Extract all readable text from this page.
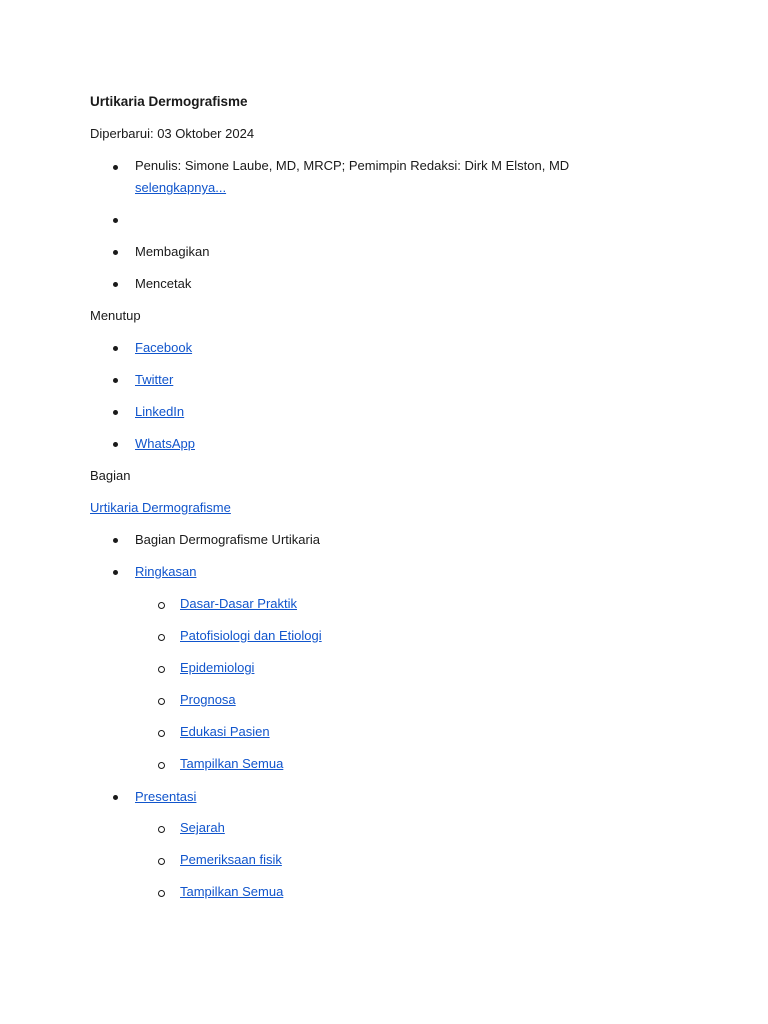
Urtikaria Dermografisme
Diperbarui: 03 Oktober 2024
Penulis: Simone Laube, MD, MRCP; Pemimpin Redaksi: Dirk M Elston, MD
selengkapnya...
Membagikan
Mencetak
Menutup
Facebook
Twitter
LinkedIn
WhatsApp
Bagian
Urtikaria Dermografisme
Bagian Dermografisme Urtikaria
Ringkasan
Dasar-Dasar Praktik
Patofisiologi dan Etiologi
Epidemiologi
Prognosa
Edukasi Pasien
Tampilkan Semua
Presentasi
Sejarah
Pemeriksaan fisik
Tampilkan Semua
